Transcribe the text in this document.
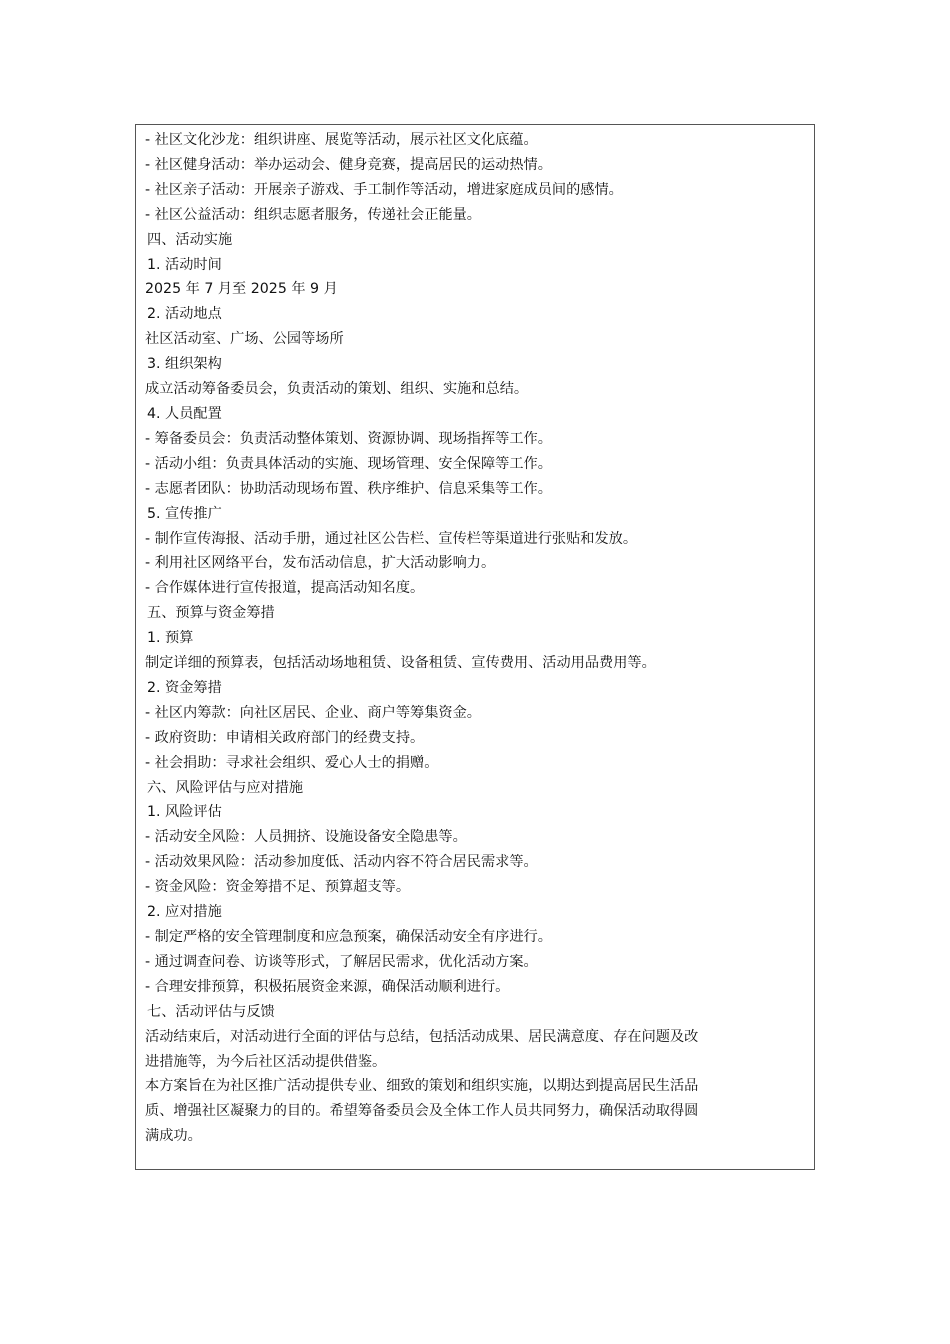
- 社区文化沙龙：组织讲座、展览等活动，展示社区文化底蕴。

- 社区健身活动：举办运动会、健身竞赛，提高居民的运动热情。

- 社区亲子活动：开展亲子游戏、手工制作等活动，增进家庭成员间的感情。

- 社区公益活动：组织志愿者服务，传递社会正能量。

四、活动实施

1. 活动时间

2025 年 7 月至 2025 年 9 月

2. 活动地点

社区活动室、广场、公园等场所

3. 组织架构

成立活动筹备委员会，负责活动的策划、组织、实施和总结。

4. 人员配置

- 筹备委员会：负责活动整体策划、资源协调、现场指挥等工作。

- 活动小组：负责具体活动的实施、现场管理、安全保障等工作。

- 志愿者团队：协助活动现场布置、秩序维护、信息采集等工作。

5. 宣传推广

- 制作宣传海报、活动手册，通过社区公告栏、宣传栏等渠道进行张贴和发放。

- 利用社区网络平台，发布活动信息，扩大活动影响力。

- 合作媒体进行宣传报道，提高活动知名度。

五、预算与资金筹措

1. 预算

制定详细的预算表，包括活动场地租赁、设备租赁、宣传费用、活动用品费用等。

2. 资金筹措

- 社区内筹款：向社区居民、企业、商户等筹集资金。

- 政府资助：申请相关政府部门的经费支持。

- 社会捐助：寻求社会组织、爱心人士的捐赠。

六、风险评估与应对措施

1. 风险评估

- 活动安全风险：人员拥挤、设施设备安全隐患等。

- 活动效果风险：活动参加度低、活动内容不符合居民需求等。

- 资金风险：资金筹措不足、预算超支等。

2. 应对措施

- 制定严格的安全管理制度和应急预案，确保活动安全有序进行。

- 通过调查问卷、访谈等形式，了解居民需求，优化活动方案。

- 合理安排预算，积极拓展资金来源，确保活动顺利进行。

七、活动评估与反馈

活动结束后，对活动进行全面的评估与总结，包括活动成果、居民满意度、存在问题及改

进措施等，为今后社区活动提供借鉴。

本方案旨在为社区推广活动提供专业、细致的策划和组织实施，以期达到提高居民生活品

质、增强社区凝聚力的目的。希望筹备委员会及全体工作人员共同努力，确保活动取得圆

满成功。
